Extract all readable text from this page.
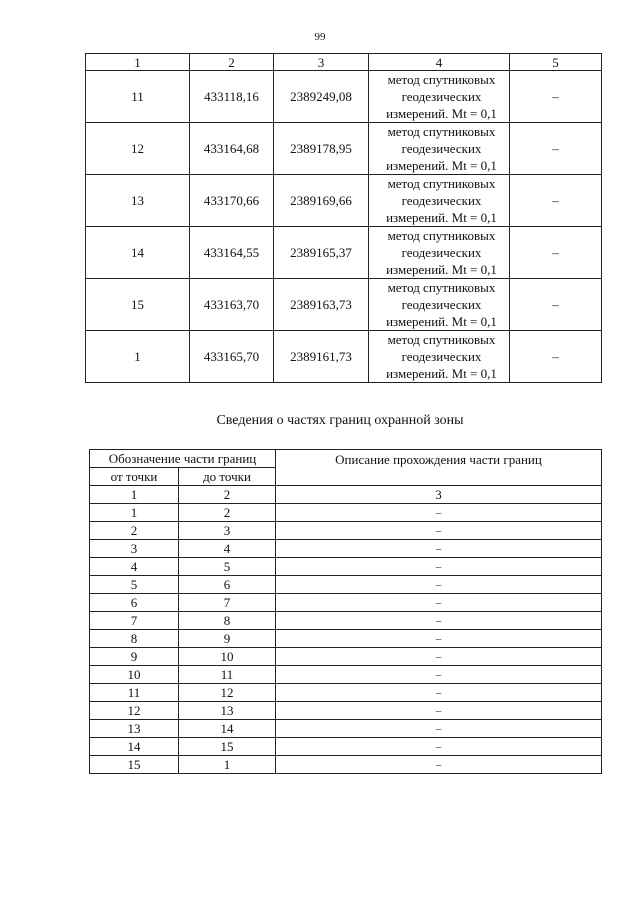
99
1	2	3	4	5
11	433118,16	2389249,08	метод спутниковых
геодезических
измерений. Mt = 0,1	–
12	433164,68	2389178,95	метод спутниковых
геодезических
измерений. Mt = 0,1	–
13	433170,66	2389169,66	метод спутниковых
геодезических
измерений. Mt = 0,1	–
14	433164,55	2389165,37	метод спутниковых
геодезических
измерений. Mt = 0,1	–
15	433163,70	2389163,73	метод спутниковых
геодезических
измерений. Mt = 0,1	–
1	433165,70	2389161,73	метод спутниковых
геодезических
измерений. Mt = 0,1	–
Сведения о частях границ охранной зоны
Обозначение части границ		Описание прохождения части границ
от точки	до точки	
1	2	3
1	2	–
2	3	–
3	4	–
4	5	–
5	6	–
6	7	–
7	8	–
8	9	–
9	10	–
10	11	–
11	12	–
12	13	–
13	14	–
14	15	–
15	1	–
